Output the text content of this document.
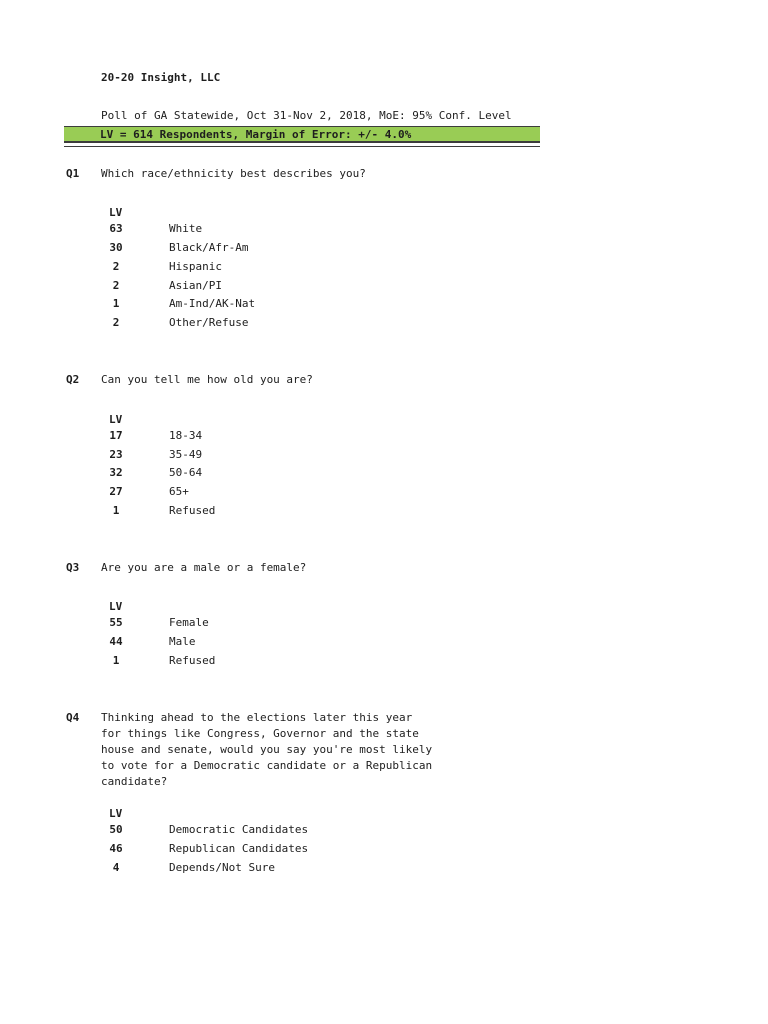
20-20 Insight, LLC
Poll of GA Statewide, Oct 31-Nov 2, 2018, MoE: 95% Conf. Level
LV = 614 Respondents, Margin of Error: +/- 4.0%
Q1 Which race/ethnicity best describes you?
LV
63	White
30	Black/Afr-Am
2	Hispanic
2	Asian/PI
1	Am-Ind/AK-Nat
2	Other/Refuse
Q2 Can you tell me how old you are?
LV
17	18-34
23	35-49
32	50-64
27	65+
1	Refused
Q3 Are you are a male or a female?
LV
55	Female
44	Male
1	Refused
Q4 Thinking ahead to the elections later this year
for things like Congress, Governor and the state
house and senate, would you say you're most likely
to vote for a Democratic candidate or a Republican
candidate?
LV
50	Democratic Candidates
46	Republican Candidates
4	Depends/Not Sure
